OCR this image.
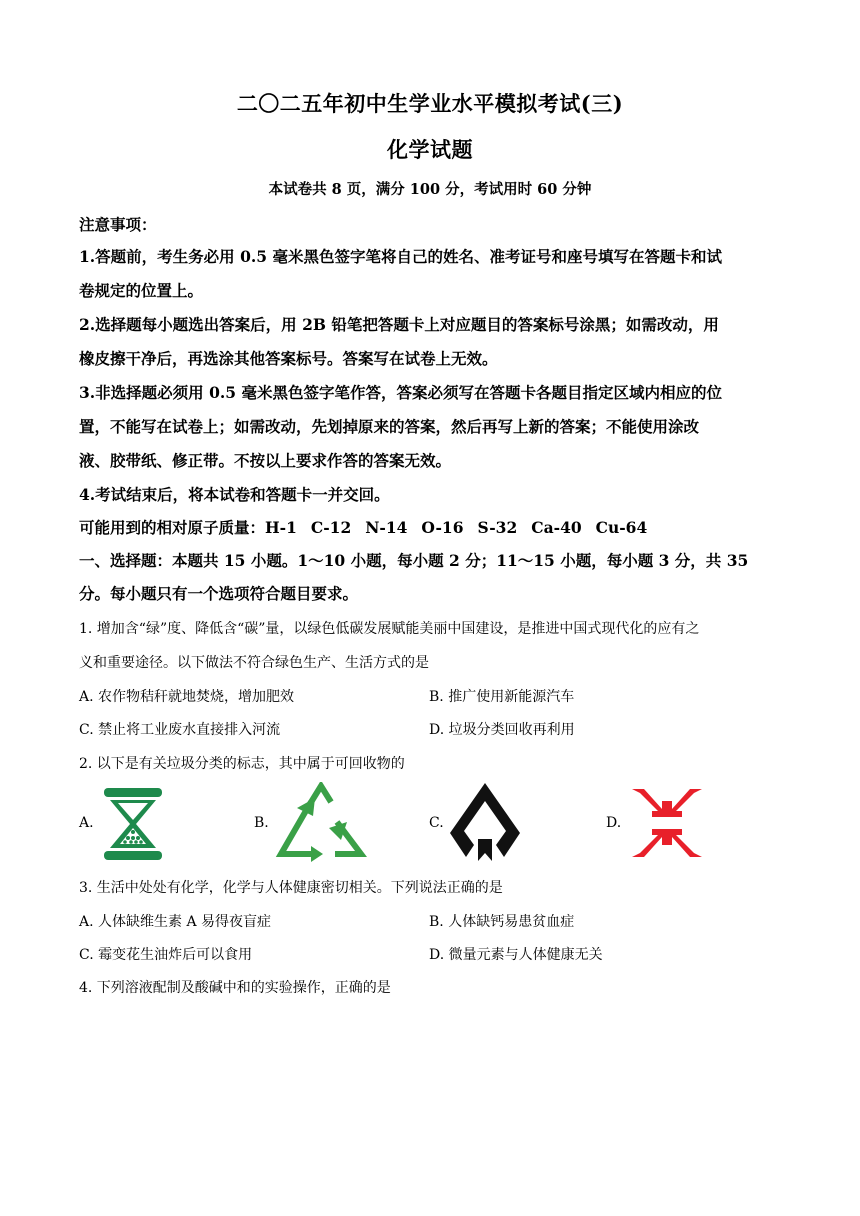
二〇二五年初中生学业水平模拟考试(三)
化学试题
本试卷共 8 页，满分 100 分，考试用时 60 分钟
注意事项：
1.答题前，考生务必用 0.5 毫米黑色签字笔将自己的姓名、准考证号和座号填写在答题卡和试
卷规定的位置上。
2.选择题每小题选出答案后，用 2B 铅笔把答题卡上对应题目的答案标号涂黑；如需改动，用
橡皮擦干净后，再选涂其他答案标号。答案写在试卷上无效。
3.非选择题必须用 0.5 毫米黑色签字笔作答，答案必须写在答题卡各题目指定区域内相应的位
置，不能写在试卷上；如需改动，先划掉原来的答案，然后再写上新的答案；不能使用涂改
液、胶带纸、修正带。不按以上要求作答的答案无效。
4.考试结束后，将本试卷和答题卡一并交回。
可能用到的相对原子质量：H-1 C-12 N-14 O-16 S-32 Ca-40 Cu-64
一、选择题：本题共 15 小题。1～10 小题，每小题 2 分；11～15 小题，每小题 3 分，共 35
分。每小题只有一个选项符合题目要求。
1. 增加含“绿”度、降低含“碳”量，以绿色低碳发展赋能美丽中国建设，是推进中国式现代化的应有之
义和重要途径。以下做法不符合绿色生产、生活方式的是
A. 农作物秸秆就地焚烧，增加肥效	B. 推广使用新能源汽车
C. 禁止将工业废水直接排入河流	D. 垃圾分类回收再利用
2. 以下是有关垃圾分类的标志，其中属于可回收物的
A.	B.	C.	D.
3. 生活中处处有化学，化学与人体健康密切相关。下列说法正确的是
A. 人体缺维生素 A 易得夜盲症	B. 人体缺钙易患贫血症
C. 霉变花生油炸后可以食用	D. 微量元素与人体健康无关
4. 下列溶液配制及酸碱中和的实验操作，正确的是
